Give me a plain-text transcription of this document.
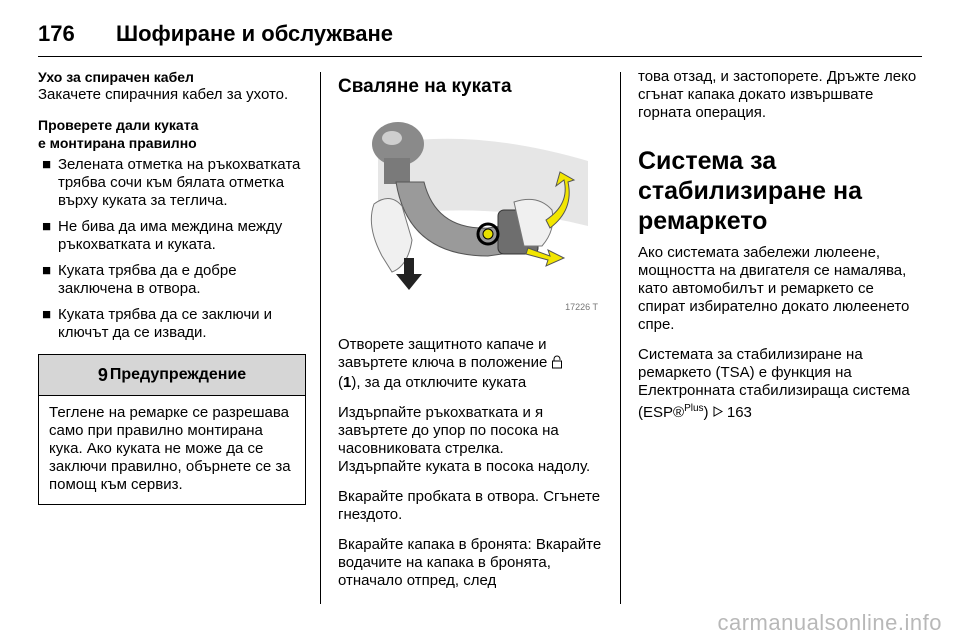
176	Шофиране и обслужване
Ухо за спирачен кабел

Закачете спирачния кабел за ухото.

Проверете дали куката
е монтирана правилно
■ Зелената отметка на ръкохватката трябва сочи към бялата отметка върху куката за теглича.
■ Не бива да има междина между ръкохватката и куката.
■ Куката трябва да е добре заключена в отвора.
■ Куката трябва да се заключи и ключът да се извади.
9 Предупреждение
Теглене на ремарке се разрешава само при правилно монтирана кука. Ако куката не може да се заключи правилно, обърнете се за помощ към сервиз.
Сваляне на куката
17226 T

Отворете защитното капаче и завъртете ключа в положение
(1), за да отключите куката

Издърпайте ръкохватката и я завъртете до упор по посока на часовниковата стрелка.

Издърпайте куката в посока надолу.

Вкарайте пробката в отвора. Сгънете гнездото.

Вкарайте капака в бронята: Вкарайте водачите на капака в бронята, отначало отпред, след

това отзад, и застопорете. Дръжте леко сгънат капака докато извършвате горната операция.

Система за стабилизиране на ремаркето

Ако системата забележи люлеене, мощността на двигателя се намалява, като автомобилът и ремаркето се спират избирателно докато люлеенето спре.

Системата за стабилизиране на ремаркето (TSA) е функция на Електронната стабилизираща система (ESP®$^{Plus}$) 163

carmanualsonline.info
